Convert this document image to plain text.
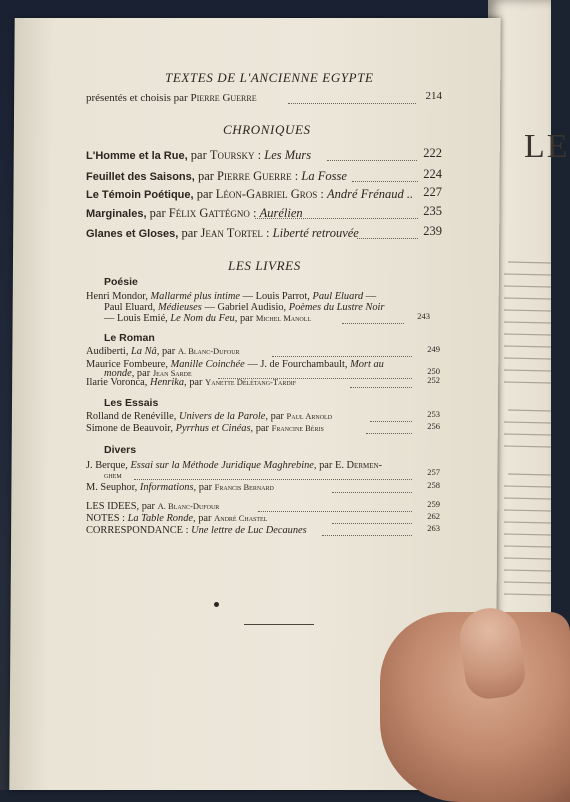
LE

TEXTES DE L'ANCIENNE EGYPTE
présentés et choisis par Pierre Guerre	214
CHRONIQUES
L'Homme et la Rue, par Toursky : Les Murs	222
Feuillet des Saisons, par Pierre Guerre : La Fosse	224
Le Témoin Poétique, par Léon-Gabriel Gros : André Frénaud .. 227
Marginales, par Félix Gattégno : Aurélien	235
Glanes et Gloses, par Jean Tortel : Liberté retrouvée	239
LES LIVRES
Poésie
Henri Mondor, Mallarmé plus intime — Louis Parrot, Paul Eluard —
Paul Eluard, Médieuses — Gabriel Audisio, Poèmes du Lustre Noir
— Louis Emié, Le Nom du Feu, par Michel Manoll	243
Le Roman
Audiberti, La Nâ, par A. Blanc-Dufour	249
Maurice Fombeure, Manille Coinchée — J. de Fourchambault, Mort au
monde, par Jean Sarde	250
Ilarie Voronca, Henrika, par Yanette Délétang-Tardif	252
Les Essais
Rolland de Renéville, Univers de la Parole, par Paul Arnold	253
Simone de Beauvoir, Pyrrhus et Cinéas, par Francine Béris	256
Divers
J. Berque, Essai sur la Méthode Juridique Maghrebine, par E. Dermen-
ghem	257
M. Seuphor, Informations, par Francis Bernard	258
LES IDEES, par A. Blanc-Dufour	259
NOTES : La Table Ronde, par André Chastel	262
CORRESPONDANCE : Une lettre de Luc Decaunes	263
